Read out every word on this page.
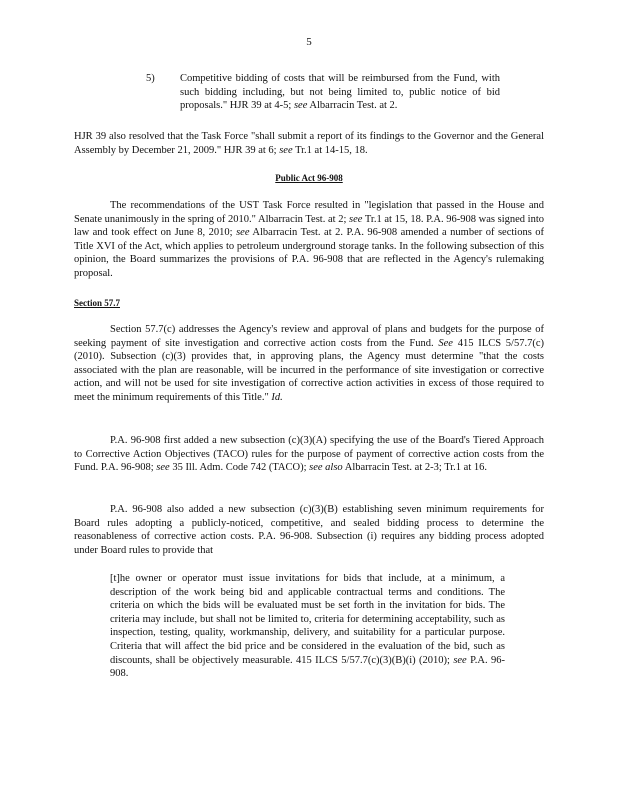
5
5) Competitive bidding of costs that will be reimbursed from the Fund, with such bidding including, but not being limited to, public notice of bid proposals." HJR 39 at 4-5; see Albarracin Test. at 2.
HJR 39 also resolved that the Task Force "shall submit a report of its findings to the Governor and the General Assembly by December 21, 2009." HJR 39 at 6; see Tr.1 at 14-15, 18.
Public Act 96-908
The recommendations of the UST Task Force resulted in "legislation that passed in the House and Senate unanimously in the spring of 2010." Albarracin Test. at 2; see Tr.1 at 15, 18. P.A. 96-908 was signed into law and took effect on June 8, 2010; see Albarracin Test. at 2. P.A. 96-908 amended a number of sections of Title XVI of the Act, which applies to petroleum underground storage tanks. In the following subsection of this opinion, the Board summarizes the provisions of P.A. 96-908 that are reflected in the Agency's rulemaking proposal.
Section 57.7
Section 57.7(c) addresses the Agency's review and approval of plans and budgets for the purpose of seeking payment of site investigation and corrective action costs from the Fund. See 415 ILCS 5/57.7(c) (2010). Subsection (c)(3) provides that, in approving plans, the Agency must determine "that the costs associated with the plan are reasonable, will be incurred in the performance of site investigation or corrective action, and will not be used for site investigation of corrective action activities in excess of those required to meet the minimum requirements of this Title." Id.
P.A. 96-908 first added a new subsection (c)(3)(A) specifying the use of the Board's Tiered Approach to Corrective Action Objectives (TACO) rules for the purpose of payment of corrective action costs from the Fund. P.A. 96-908; see 35 Ill. Adm. Code 742 (TACO); see also Albarracin Test. at 2-3; Tr.1 at 16.
P.A. 96-908 also added a new subsection (c)(3)(B) establishing seven minimum requirements for Board rules adopting a publicly-noticed, competitive, and sealed bidding process to determine the reasonableness of corrective action costs. P.A. 96-908. Subsection (i) requires any bidding process adopted under Board rules to provide that
[t]he owner or operator must issue invitations for bids that include, at a minimum, a description of the work being bid and applicable contractual terms and conditions. The criteria on which the bids will be evaluated must be set forth in the invitation for bids. The criteria may include, but shall not be limited to, criteria for determining acceptability, such as inspection, testing, quality, workmanship, delivery, and suitability for a particular purpose. Criteria that will affect the bid price and be considered in the evaluation of the bid, such as discounts, shall be objectively measurable. 415 ILCS 5/57.7(c)(3)(B)(i) (2010); see P.A. 96-908.
